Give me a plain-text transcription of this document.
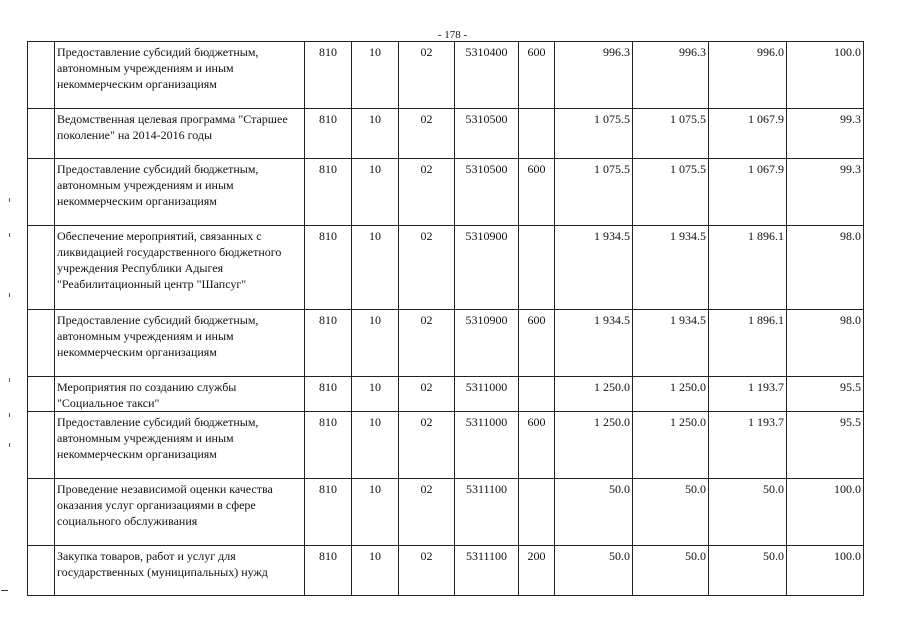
- 178 -
	Предоставление субсидий бюджетным, автономным учреждениям и иным некоммерческим организациям	810	10	02	5310400	600	996.3	996.3	996.0	100.0
	Ведомственная целевая программа "Старшее поколение" на 2014-2016 годы	810	10	02	5310500		1 075.5	1 075.5	1 067.9	99.3
	Предоставление субсидий бюджетным, автономным учреждениям и иным некоммерческим организациям	810	10	02	5310500	600	1 075.5	1 075.5	1 067.9	99.3
	Обеспечение мероприятий, связанных с ликвидацией государственного бюджетного учреждения Республики Адыгея "Реабилитационный центр "Шапсуг"	810	10	02	5310900		1 934.5	1 934.5	1 896.1	98.0
	Предоставление субсидий бюджетным, автономным учреждениям и иным некоммерческим организациям	810	10	02	5310900	600	1 934.5	1 934.5	1 896.1	98.0
	Мероприятия по созданию службы "Социальное такси"	810	10	02	5311000		1 250.0	1 250.0	1 193.7	95.5
	Предоставление субсидий бюджетным, автономным учреждениям и иным некоммерческим организациям	810	10	02	5311000	600	1 250.0	1 250.0	1 193.7	95.5
	Проведение независимой оценки качества оказания услуг организациями в сфере социального обслуживания	810	10	02	5311100		50.0	50.0	50.0	100.0
	Закупка товаров, работ и услуг для государственных (муниципальных) нужд	810	10	02	5311100	200	50.0	50.0	50.0	100.0
